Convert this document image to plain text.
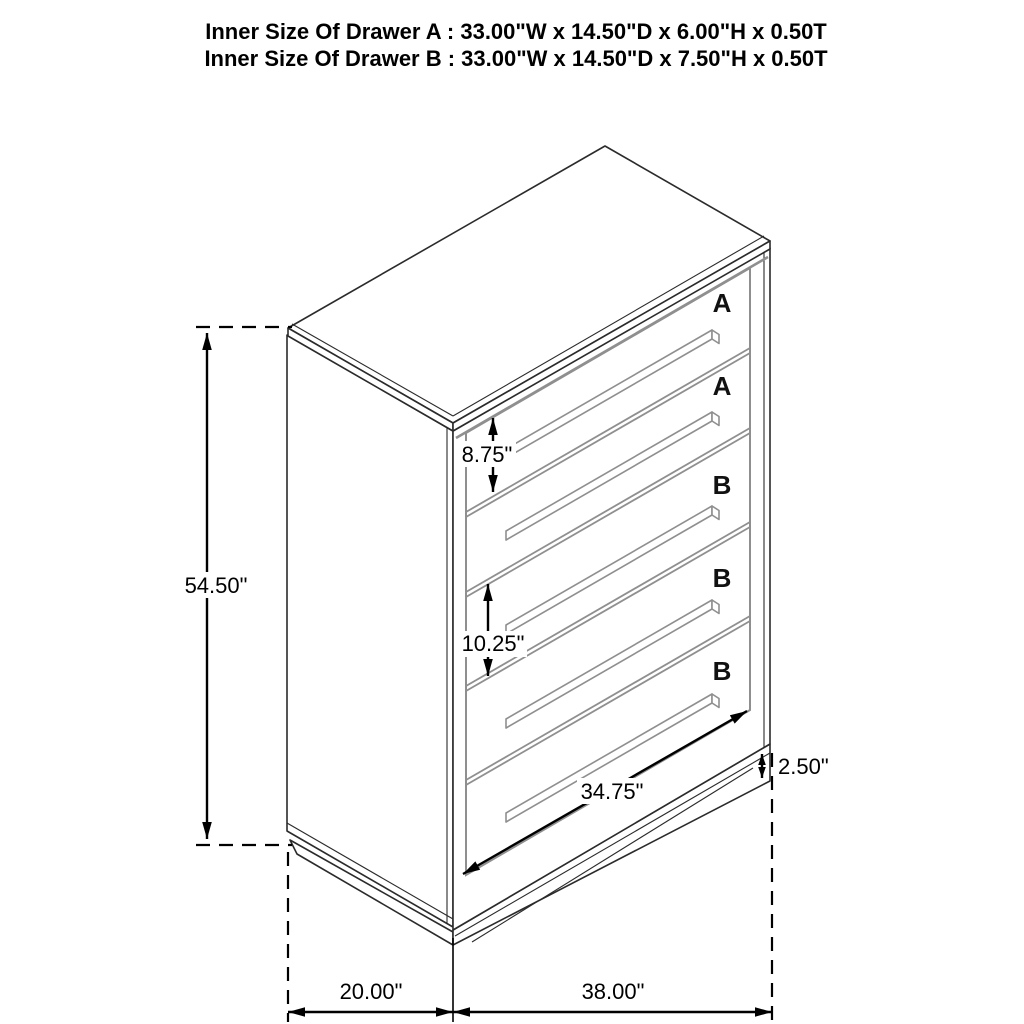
A
A
B
B
B
54.50"
8.75"
10.25"
34.75"
2.50"
20.00"	38.00"
Inner Size Of Drawer A : 33.00"W x 14.50"D x 6.00"H x 0.50T
Inner Size Of Drawer B : 33.00"W x 14.50"D x 7.50"H x 0.50T
